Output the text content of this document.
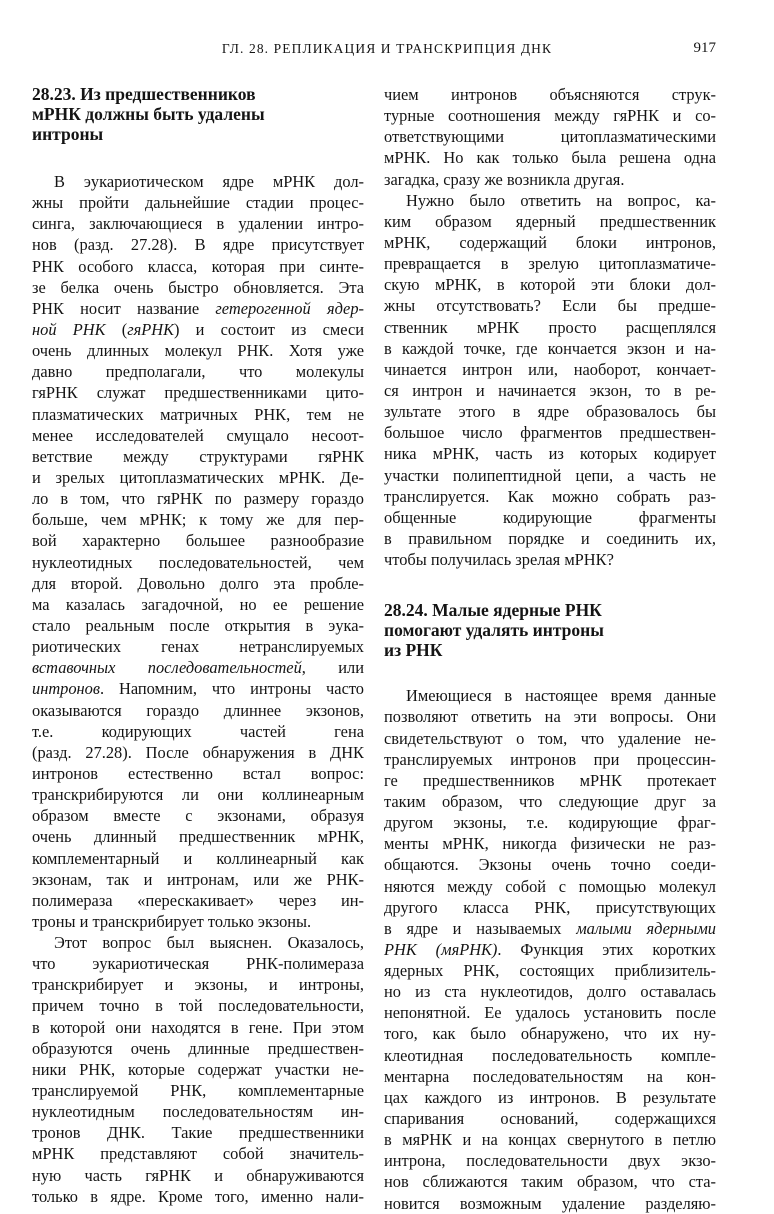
ГЛ. 28. РЕПЛИКАЦИЯ И ТРАНСКРИПЦИЯ ДНК	917
28.23. Из предшественников
мРНК должны быть удалены
интроны
В эукариотическом ядре мРНК дол-
жны пройти дальнейшие стадии процес-
синга, заключающиеся в удалении интро-
нов (разд. 27.28). В ядре присутствует
РНК особого класса, которая при синте-
зе белка очень быстро обновляется. Эта
РНК носит название гетерогенной ядер-
ной РНК (гяРНК) и состоит из смеси
очень длинных молекул РНК. Хотя уже
давно предполагали, что молекулы
гяРНК служат предшественниками цито-
плазматических матричных РНК, тем не
менее исследователей смущало несоот-
ветствие между структурами гяРНК
и зрелых цитоплазматических мРНК. Де-
ло в том, что гяРНК по размеру гораздо
больше, чем мРНК; к тому же для пер-
вой характерно большее разнообразие
нуклеотидных последовательностей, чем
для второй. Довольно долго эта пробле-
ма казалась загадочной, но ее решение
стало реальным после открытия в эука-
риотических генах нетранслируемых
вставочных последовательностей, или
интронов. Напомним, что интроны часто
оказываются гораздо длиннее экзонов,
т.е. кодирующих частей гена
(разд. 27.28). После обнаружения в ДНК
интронов естественно встал вопрос:
транскрибируются ли они коллинеарным
образом вместе с экзонами, образуя
очень длинный предшественник мРНК,
комплементарный и коллинеарный как
экзонам, так и интронам, или же РНК-
полимераза «перескакивает» через ин-
троны и транскрибирует только экзоны.
Этот вопрос был выяснен. Оказалось,
что эукариотическая РНК-полимераза
транскрибирует и экзоны, и интроны,
причем точно в той последовательности,
в которой они находятся в гене. При этом
образуются очень длинные предшествен-
ники РНК, которые содержат участки не-
транслируемой РНК, комплементарные
нуклеотидным последовательностям ин-
тронов ДНК. Такие предшественники
мРНК представляют собой значитель-
ную часть гяРНК и обнаруживаются
только в ядре. Кроме того, именно нали-
чием интронов объясняются струк-
турные соотношения между гяРНК и со-
ответствующими цитоплазматическими
мРНК. Но как только была решена одна
загадка, сразу же возникла другая.
Нужно было ответить на вопрос, ка-
ким образом ядерный предшественник
мРНК, содержащий блоки интронов,
превращается в зрелую цитоплазматиче-
скую мРНК, в которой эти блоки дол-
жны отсутствовать? Если бы предше-
ственник мРНК просто расщеплялся
в каждой точке, где кончается экзон и на-
чинается интрон или, наоборот, кончает-
ся интрон и начинается экзон, то в ре-
зультате этого в ядре образовалось бы
большое число фрагментов предшествен-
ника мРНК, часть из которых кодирует
участки полипептидной цепи, а часть не
транслируется. Как можно собрать раз-
общенные кодирующие фрагменты
в правильном порядке и соединить их,
чтобы получилась зрелая мРНК?
28.24. Малые ядерные РНК
помогают удалять интроны
из РНК
Имеющиеся в настоящее время данные
позволяют ответить на эти вопросы. Они
свидетельствуют о том, что удаление не-
транслируемых интронов при процессин-
ге предшественников мРНК протекает
таким образом, что следующие друг за
другом экзоны, т.е. кодирующие фраг-
менты мРНК, никогда физически не раз-
общаются. Экзоны очень точно соеди-
няются между собой с помощью молекул
другого класса РНК, присутствующих
в ядре и называемых малыми ядерными
РНК (мяРНК). Функция этих коротких
ядерных РНК, состоящих приблизитель-
но из ста нуклеотидов, долго оставалась
непонятной. Ее удалось установить после
того, как было обнаружено, что их ну-
клеотидная последовательность компле-
ментарна последовательностям на кон-
цах каждого из интронов. В результате
спаривания оснований, содержащихся
в мяРНК и на концах свернутого в петлю
интрона, последовательности двух экзо-
нов сближаются таким образом, что ста-
новится возможным удаление разделяю-
